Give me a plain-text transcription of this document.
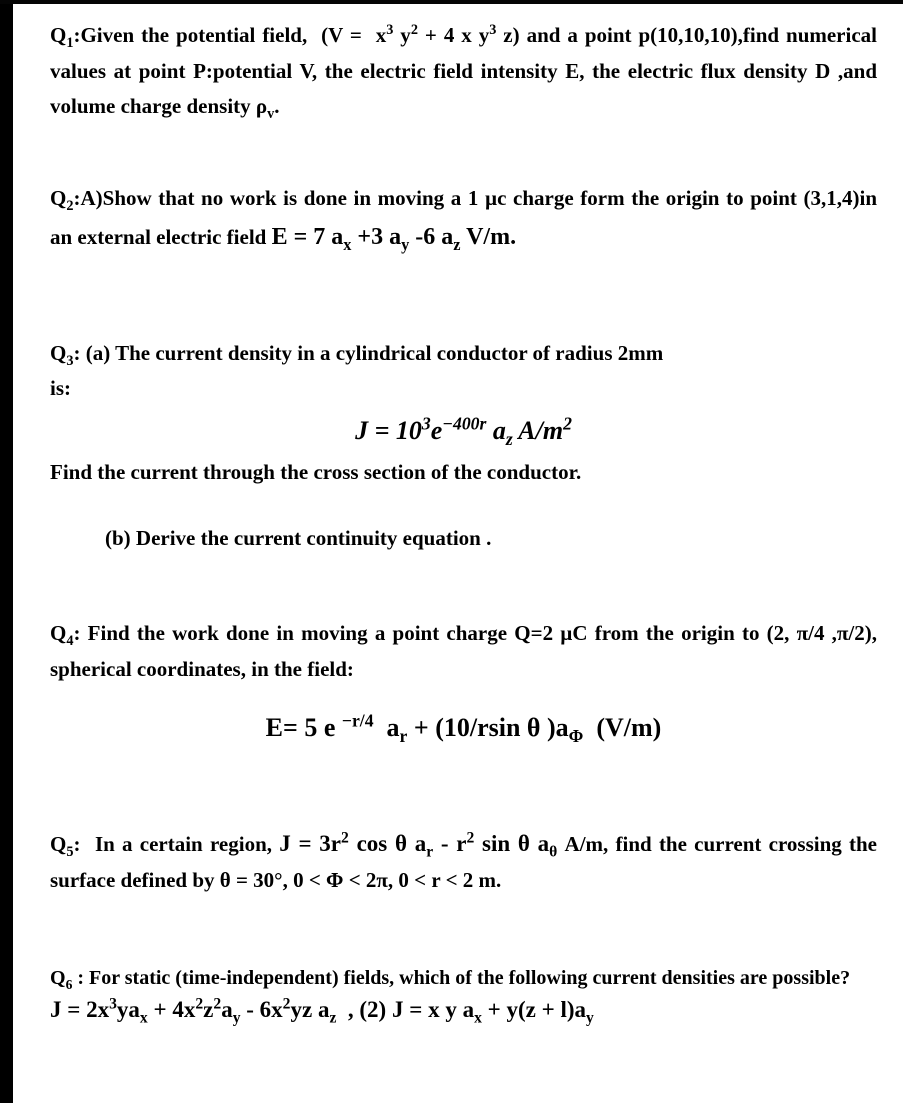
$Q_1:Given$ the potential field,  ($V = x^3$ $y^2 + 4$ x $y^3$ z) and a point p(10,10,10),find numerical values at point P:potential V, the electric field intensity E, the electric flux density D ,and volume charge density $\rho_v$.

$Q_2:A)Show$ that no work is done in moving a 1 µc charge form the origin to point (3,1,4)in an external electric field E = 7 $a_x +3$ $a_y$ -6 $a_z$ V/m.

$Q_3$: (a) The current density in a cylindrical conductor of radius 2mm
is:

$J = 10^3e^{-400r}$ $a_z$ $A/m^2$

Find the current through the cross section of the conductor.

(b) Derive the current continuity equation .

$Q_4$: Find the work done in moving a point charge Q=2 µC from the origin to (2, π/4 ,π/2), spherical coordinates, in the field:

E= 5 e $^{-r/4}$  $a_r + (10/rsin$ θ )$a_\Phi$  (V/m)

$Q_5$:  In a certain region, $J = 3r^2$ cos θ $a_r - r^2$ sin θ $a_\theta$ A/m, find the current crossing the surface defined by θ = 30°, 0 < Φ < 2π, 0 < r < 2 m.

$Q_6$ : For static (time-independent) fields, which of the following current densities are possible?

$J = 2x^3ya_x + 4x^2z^2a_y - 6x^2yz$ $a_z$  , (2) J = x y $a_x + y(z + l)a_y$
